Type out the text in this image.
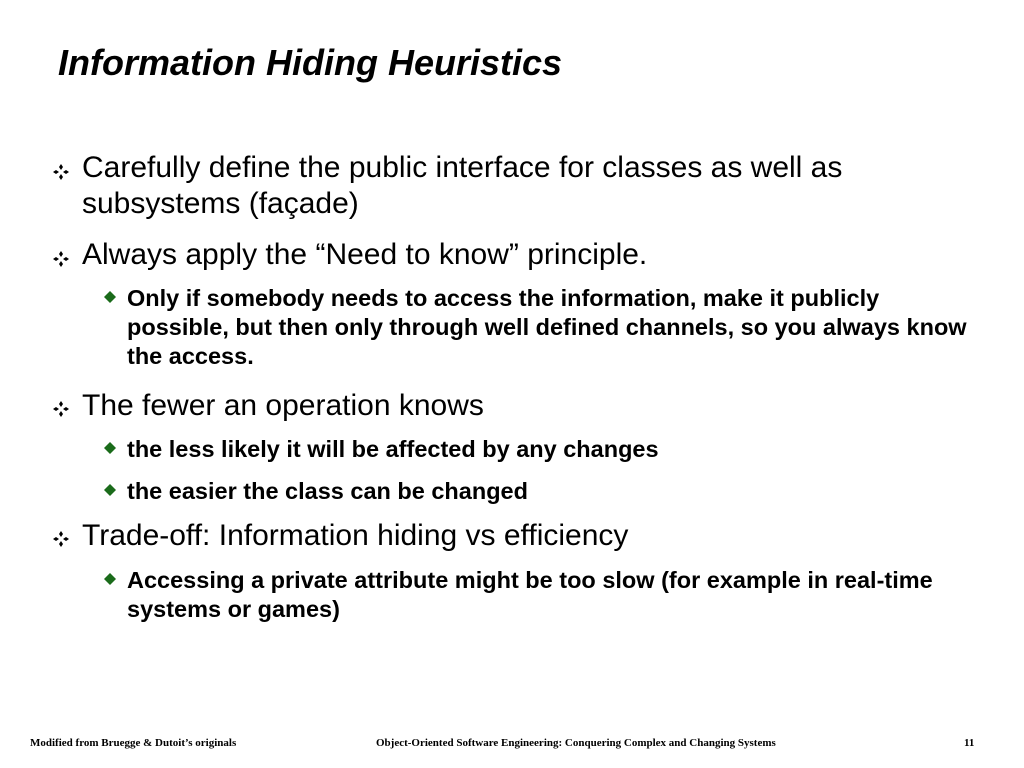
Information Hiding Heuristics
Carefully define the public interface for classes as well as subsystems (façade)
Always apply the “Need to know” principle.
Only if somebody needs to access the information, make it publicly possible, but then only through well defined channels, so you always know the access.
The fewer an operation knows
the less likely it will be affected by any changes
the easier the class can be changed
Trade-off: Information hiding vs efficiency
Accessing a private attribute might be too slow (for example in real-time systems or games)
Modified from Bruegge & Dutoit’s originals	Object-Oriented Software Engineering: Conquering Complex and Changing Systems	11
